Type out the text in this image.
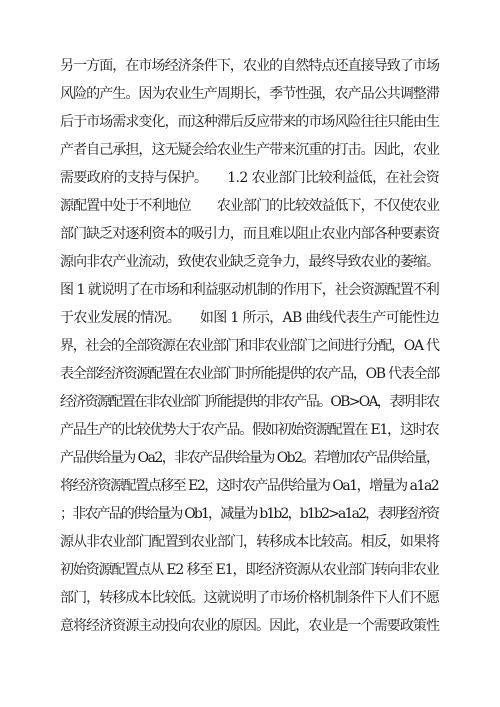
另一方面，在市场经济条件下，农业的自然特点还直接导致了市场
风险的产生。因为农业生产周期长，季节性强，农产品公共调整滞
后于市场需求变化，而这种滞后反应带来的市场风险往往只能由生
产者自己承担，这无疑会给农业生产带来沉重的打击。因此，农业
需要政府的支持与保护。　　1.2 农业部门比较利益低，在社会资
源配置中处于不利地位　　农业部门的比较效益低下，不仅使农业
部门缺乏对逐利资本的吸引力，而且难以阻止农业内部各种要素资
源向非农产业流动，致使农业缺乏竞争力，最终导致农业的萎缩。
图 1 就说明了在市场和利益驱动机制的作用下，社会资源配置不利
于农业发展的情况。　　如图 1 所示，AB 曲线代表生产可能性边
界，社会的全部资源在农业部门和非农业部门之间进行分配，OA 代
表全部经济资源配置在农业部门时所能提供的农产品，OB 代表全部
经济资源配置在非农业部门所能提供的非农产品。OB>OA，表明非农
产品生产的比较优势大于农产品。假如初始资源配置在 E1，这时农
产品供给量为 Oa2，非农产品供给量为 Ob2。若增加农产品供给量，
将经济资源配置点移至 E2，这时农产品供给量为 Oa1，增量为 a1a2
；非农产品的供给量为 Ob1，减量为 b1b2，b1b2>a1a2，表明经济资
源从非农业部门配置到农业部门，转移成本比较高。相反，如果将
初始资源配置点从 E2 移至 E1，即经济资源从农业部门转向非农业
部门，转移成本比较低。这就说明了市场价格机制条件下人们不愿
意将经济资源主动投向农业的原因。因此，农业是一个需要政策性
